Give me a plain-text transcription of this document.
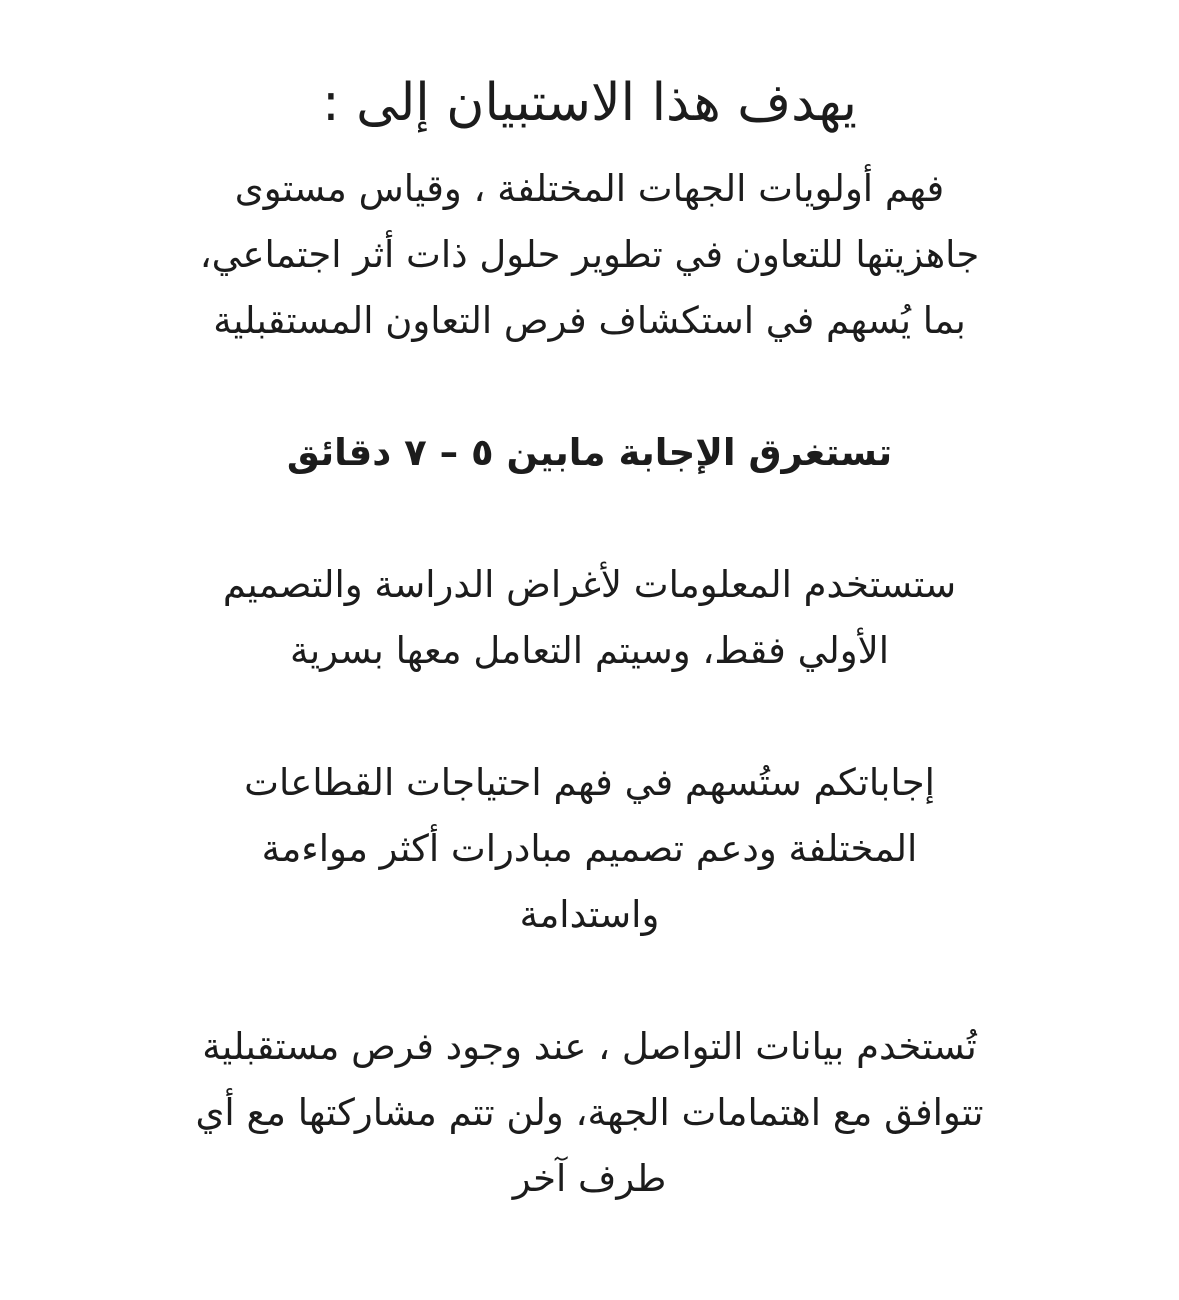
يهدف هذا الاستبيان إلى :

فهم أولويات الجهات المختلفة ، وقياس مستوى
جاهزيتها للتعاون في تطوير حلول ذات أثر اجتماعي،
بما يُسهم في استكشاف فرص التعاون المستقبلية

تستغرق الإجابة مابين ٥ – ٧ دقائق

ستستخدم المعلومات لأغراض الدراسة والتصميم
الأولي فقط، وسيتم التعامل معها بسرية

إجاباتكم ستُسهم في فهم احتياجات القطاعات
المختلفة ودعم تصميم مبادرات أكثر مواءمة
واستدامة

تُستخدم بيانات التواصل ، عند وجود فرص مستقبلية
تتوافق مع اهتمامات الجهة، ولن تتم مشاركتها مع أي
طرف آخر
